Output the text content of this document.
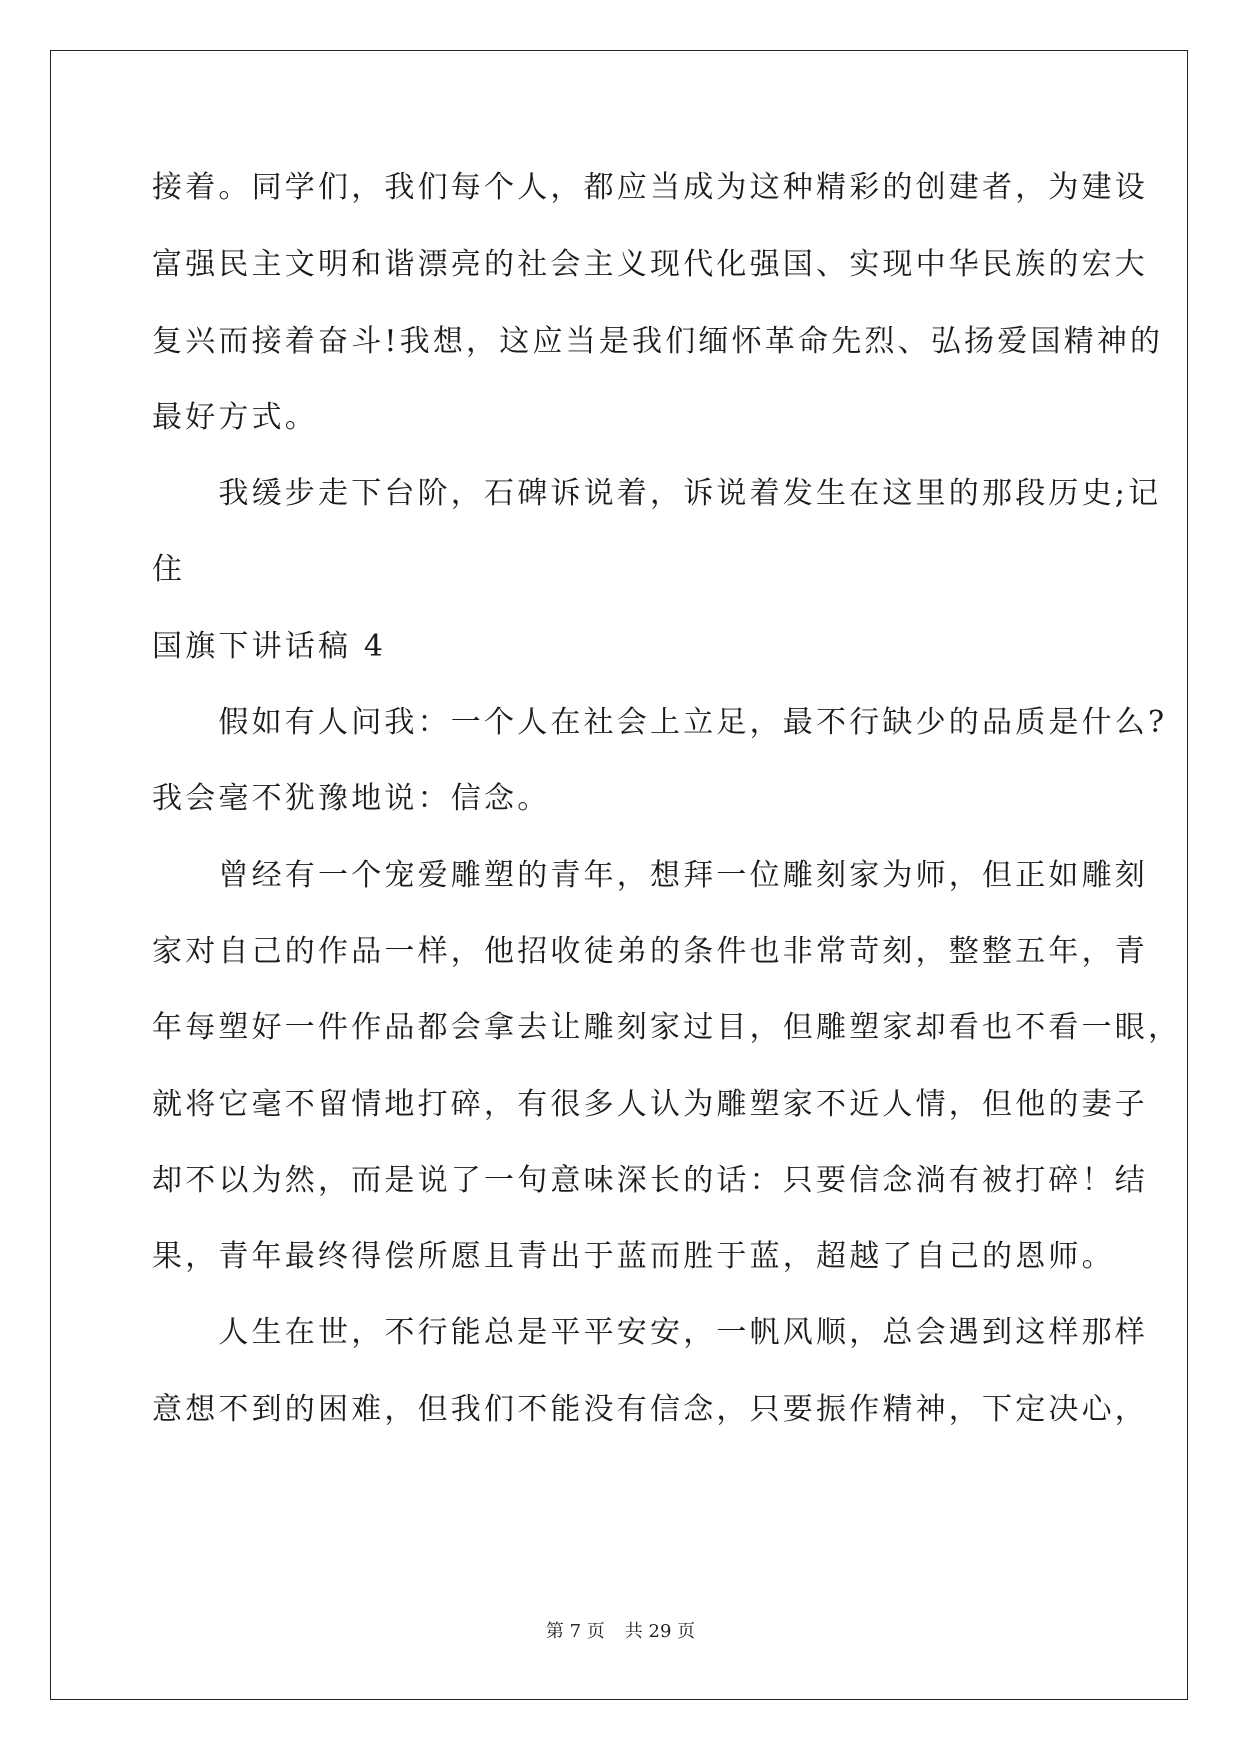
接着。同学们，我们每个人，都应当成为这种精彩的创建者，为建设
富强民主文明和谐漂亮的社会主义现代化强国、实现中华民族的宏大
复兴而接着奋斗!我想，这应当是我们缅怀革命先烈、弘扬爱国精神的
最好方式。
　　我缓步走下台阶，石碑诉说着，诉说着发生在这里的那段历史;记
住
国旗下讲话稿 4
　　假如有人问我：一个人在社会上立足，最不行缺少的品质是什么?
我会毫不犹豫地说：信念。
　　曾经有一个宠爱雕塑的青年，想拜一位雕刻家为师，但正如雕刻
家对自己的作品一样，他招收徒弟的条件也非常苛刻，整整五年，青
年每塑好一件作品都会拿去让雕刻家过目，但雕塑家却看也不看一眼，
就将它毫不留情地打碎，有很多人认为雕塑家不近人情，但他的妻子
却不以为然，而是说了一句意味深长的话：只要信念淌有被打碎！结
果，青年最终得偿所愿且青出于蓝而胜于蓝，超越了自己的恩师。
　　人生在世，不行能总是平平安安，一帆风顺，总会遇到这样那样
意想不到的困难，但我们不能没有信念，只要振作精神，下定决心，
第 7 页 共 29 页
